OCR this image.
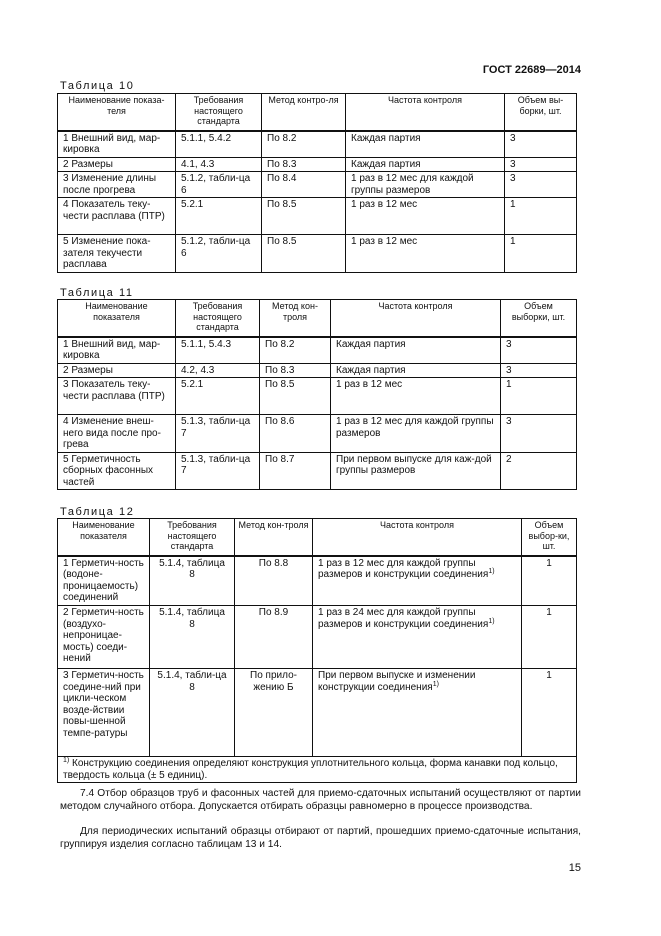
ГОСТ 22689—2014
Таблица 10
Наименование показа-теля	Требования настоящего стандарта	Метод контро-ля	Частота контроля	Объем вы-борки, шт.
1 Внешний вид, мар-кировка	5.1.1, 5.4.2	По 8.2	Каждая партия	3
2 Размеры	4.1, 4.3	По 8.3	Каждая партия	3
3 Изменение длины после прогрева	5.1.2, табли-ца 6	По 8.4	1 раз в 12 мес для каждой группы размеров	3
4 Показатель теку-чести расплава (ПТР)	5.2.1	По 8.5	1 раз в 12 мес	1
5 Изменение пока-зателя текучести расплава	5.1.2, табли-ца 6	По 8.5	1 раз в 12 мес	1
Таблица 11
Наименование показателя	Требования настоящего стандарта	Метод кон-троля	Частота контроля	Объем выборки, шт.
1 Внешний вид, мар-кировка	5.1.1, 5.4.3	По 8.2	Каждая партия	3
2 Размеры	4.2, 4.3	По 8.3	Каждая партия	3
3 Показатель теку-чести расплава (ПТР)	5.2.1	По 8.5	1 раз в 12 мес	1
4 Изменение внеш-него вида после про-грева	5.1.3, табли-ца 7	По 8.6	1 раз в 12 мес для каждой группы размеров	3
5 Герметичность сборных фасонных частей	5.1.3, табли-ца 7	По 8.7	При первом выпуске для каж-дой группы размеров	2
Таблица 12
Наименование показателя	Требования настоящего стандарта	Метод кон-троля	Частота контроля	Объем выбор-ки, шт.
1 Герметич-ность (водоне-проницаемость) соединений	5.1.4, таблица 8	По 8.8	1 раз в 12 мес для каждой группы размеров и конструкции соединения$^{1)}$	1
2 Герметич-ность (воздухо-непроницае-мость) соеди-нений	5.1.4, таблица 8	По 8.9	1 раз в 24 мес для каждой группы размеров и конструкции соединения$^{1)}$	1
3 Герметич-ность соедине-ний при цикли-ческом возде-йствии повы-шенной темпе-ратуры	5.1.4, табли-ца 8	По прило-жению Б	При первом выпуске и изменении конструкции соединения$^{1)}$	1
$^{1)}$ Конструкцию соединения определяют конструкция уплотнительного кольца, форма канавки под кольцо, твердость кольца (± 5 единиц).				
7.4 Отбор образцов труб и фасонных частей для приемо-сдаточных испытаний осуществляют от партии методом случайного отбора. Допускается отбирать образцы равномерно в процессе производства.
Для периодических испытаний образцы отбирают от партий, прошедших приемо-сдаточные испытания, группируя изделия согласно таблицам 13 и 14.
15
